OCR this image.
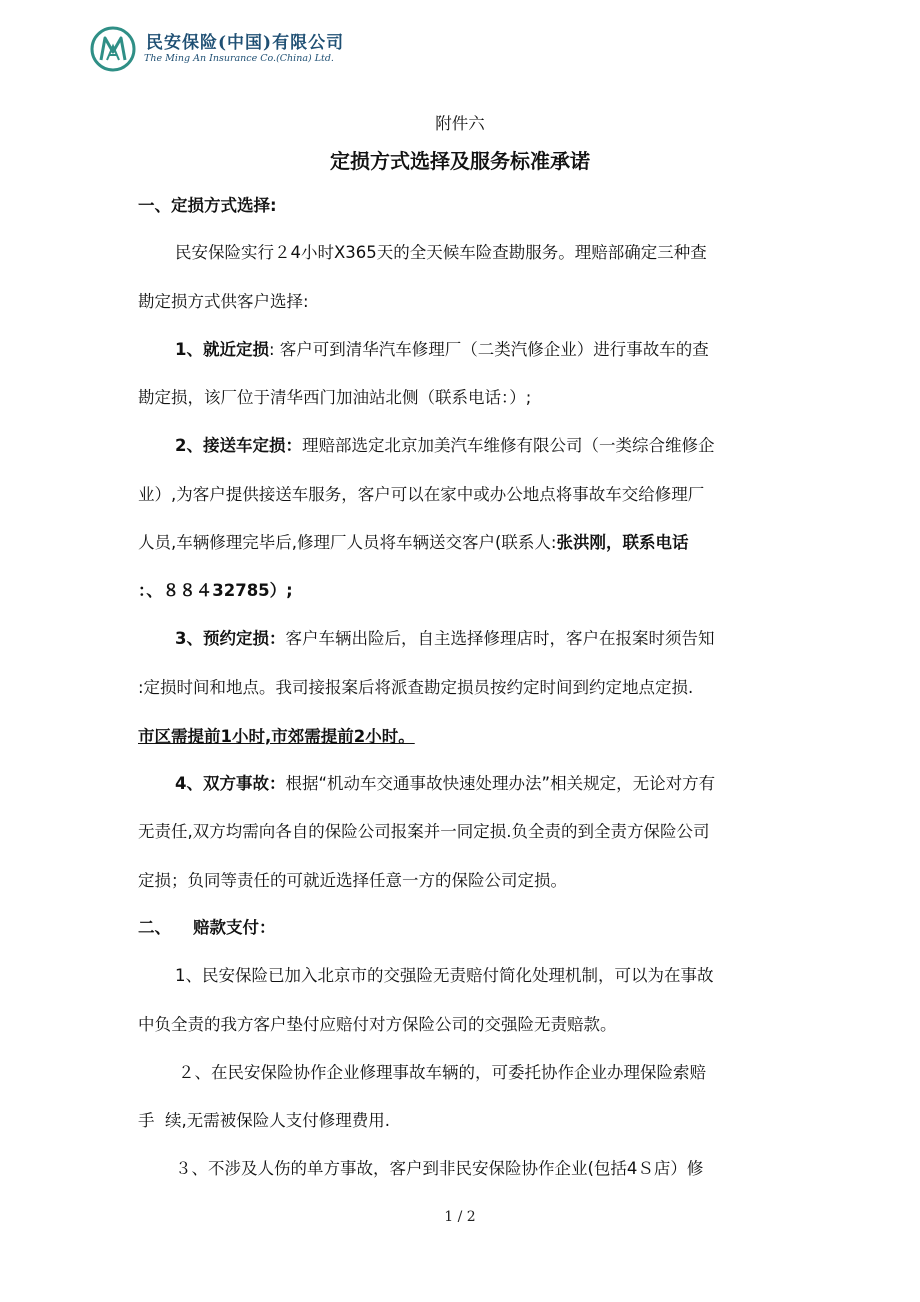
民安保险(中国)有限公司
The Ming An Insurance Co.(China) Ltd.
附件六
定损方式选择及服务标准承诺
一、定损方式选择:
民安保险实行２4小时X365天的全天候车险查勘服务。理赔部确定三种查
勘定损方式供客户选择:
1、就近定损: 客户可到清华汽车修理厂（二类汽修企业）进行事故车的查
勘定损，该厂位于清华西门加油站北侧（联系电话：）;
2、接送车定损：理赔部选定北京加美汽车维修有限公司（一类综合维修企
业）,为客户提供接送车服务，客户可以在家中或办公地点将事故车交给修理厂
人员,车辆修理完毕后,修理厂人员将车辆送交客户(联系人:张洪刚，联系电话
：、８８４32785）;
3、预约定损：客户车辆出险后，自主选择修理店时，客户在报案时须告知
:定损时间和地点。我司接报案后将派查勘定损员按约定时间到约定地点定损.
市区需提前1小时,市郊需提前2小时。
4、双方事故：根据“机动车交通事故快速处理办法”相关规定，无论对方有
无责任,双方均需向各自的保险公司报案并一同定损.负全责的到全责方保险公司
定损；负同等责任的可就近选择任意一方的保险公司定损。
二、 赔款支付：
1、民安保险已加入北京市的交强险无责赔付简化处理机制，可以为在事故
中负全责的我方客户垫付应赔付对方保险公司的交强险无责赔款。
２、在民安保险协作企业修理事故车辆的，可委托协作企业办理保险索赔
手  续,无需被保险人支付修理费用.
３、不涉及人伤的单方事故，客户到非民安保险协作企业(包括4Ｓ店）修
1 / 2
